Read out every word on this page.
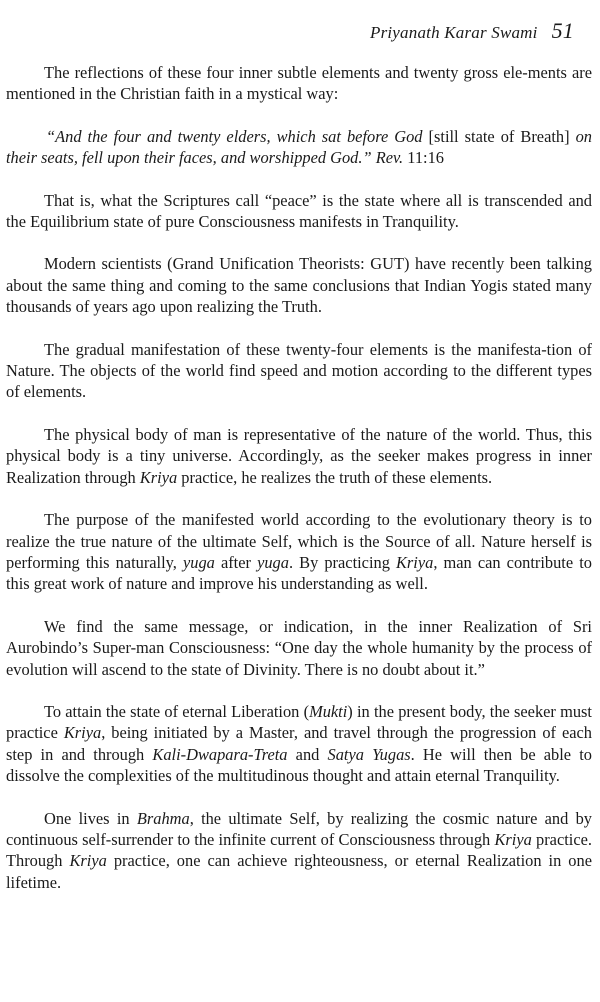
Priyanath Karar Swami 51

The reflections of these four inner subtle elements and twenty gross ele-ments are mentioned in the Christian faith in a mystical way:

“And the four and twenty elders, which sat before God [still state of Breath] on their seats, fell upon their faces, and worshipped God.” Rev. 11:16

That is, what the Scriptures call “peace” is the state where all is transcended and the Equilibrium state of pure Consciousness manifests in Tranquility.

Modern scientists (Grand Unification Theorists: GUT) have recently been talking about the same thing and coming to the same conclusions that Indian Yogis stated many thousands of years ago upon realizing the Truth.

The gradual manifestation of these twenty-four elements is the manifesta-tion of Nature. The objects of the world find speed and motion according to the different types of elements.

The physical body of man is representative of the nature of the world. Thus, this physical body is a tiny universe. Accordingly, as the seeker makes progress in inner Realization through Kriya practice, he realizes the truth of these elements.

The purpose of the manifested world according to the evolutionary theory is to realize the true nature of the ultimate Self, which is the Source of all. Nature herself is performing this naturally, yuga after yuga. By practicing Kriya, man can contribute to this great work of nature and improve his understanding as well.

We find the same message, or indication, in the inner Realization of Sri Aurobindo’s Super-man Consciousness: “One day the whole humanity by the process of evolution will ascend to the state of Divinity. There is no doubt about it.”

To attain the state of eternal Liberation (Mukti) in the present body, the seeker must practice Kriya, being initiated by a Master, and travel through the progression of each step in and through Kali-Dwapara-Treta and Satya Yugas. He will then be able to dissolve the complexities of the multitudinous thought and attain eternal Tranquility.

One lives in Brahma, the ultimate Self, by realizing the cosmic nature and by continuous self-surrender to the infinite current of Consciousness through Kriya practice. Through Kriya practice, one can achieve righteousness, or eternal Realization in one lifetime.
